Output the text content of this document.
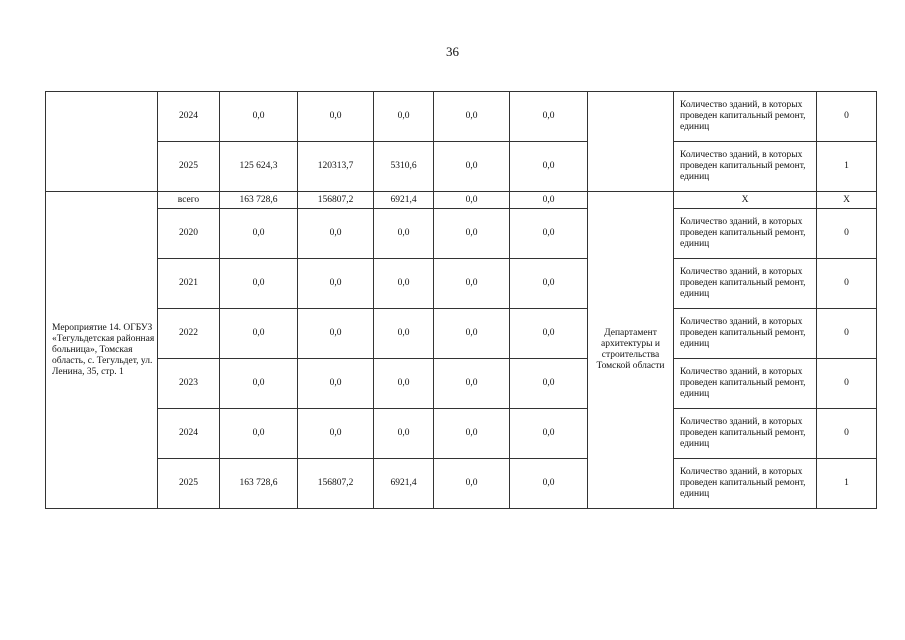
36
	2024	0,0	0,0	0,0	0,0	0,0		Количество зданий, в которых проведен капитальный ремонт, единиц	0
	2025	125 624,3	120313,7	5310,6	0,0	0,0		Количество зданий, в которых проведен капитальный ремонт, единиц	1
Мероприятие 14. ОГБУЗ «Тегульдетская районная больница», Томская область, с. Тегульдет, ул. Ленина, 35, стр. 1	всего	163 728,6	156807,2	6921,4	0,0	0,0	Департамент архитектуры и строительства Томской области	Х	Х
	2020	0,0	0,0	0,0	0,0	0,0		Количество зданий, в которых проведен капитальный ремонт, единиц	0
	2021	0,0	0,0	0,0	0,0	0,0		Количество зданий, в которых проведен капитальный ремонт, единиц	0
	2022	0,0	0,0	0,0	0,0	0,0		Количество зданий, в которых проведен капитальный ремонт, единиц	0
	2023	0,0	0,0	0,0	0,0	0,0		Количество зданий, в которых проведен капитальный ремонт, единиц	0
	2024	0,0	0,0	0,0	0,0	0,0		Количество зданий, в которых проведен капитальный ремонт, единиц	0
	2025	163 728,6	156807,2	6921,4	0,0	0,0		Количество зданий, в которых проведен капитальный ремонт, единиц	1
